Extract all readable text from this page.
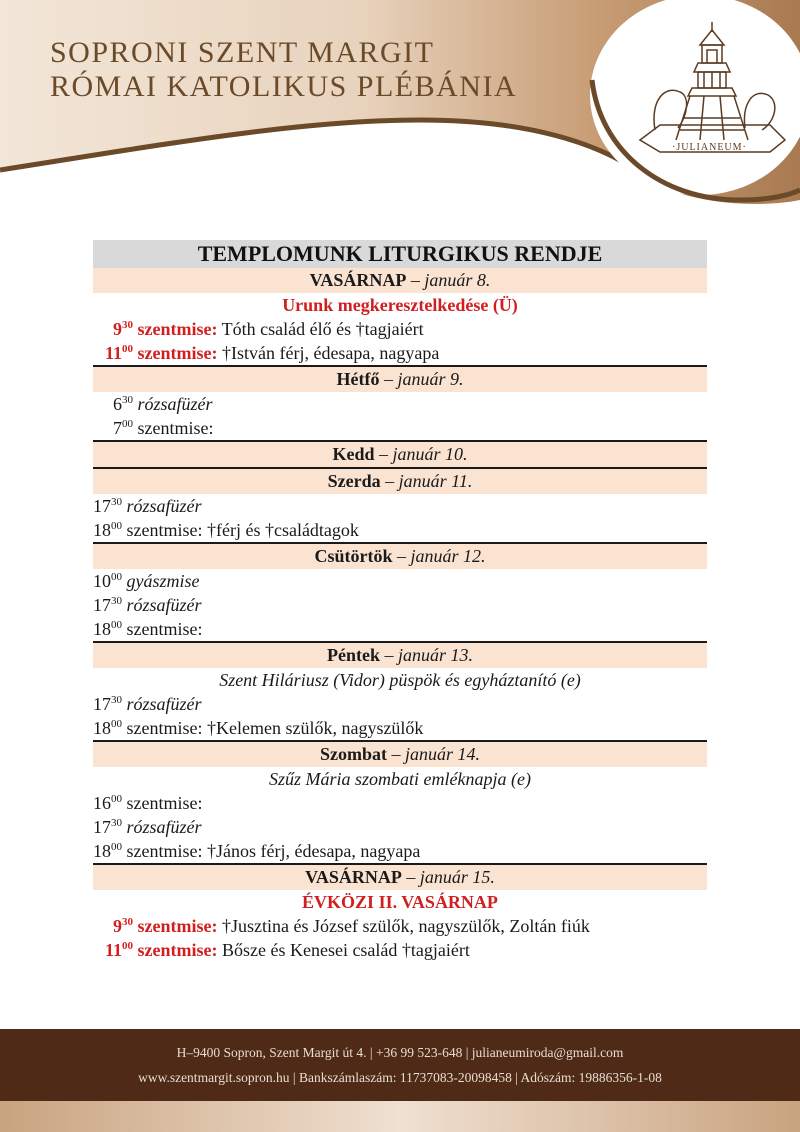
SOPRONI SZENT MARGIT
RÓMAI KATOLIKUS PLÉBÁNIA
·JULIANEUM·
TEMPLOMUNK LITURGIKUS RENDJE
VASÁRNAP – január 8.
Urunk megkeresztelkedése (Ü)
$9^{30}$ szentmise: Tóth család élő és †tagjaiért
$11^{00}$ szentmise: †István férj, édesapa, nagyapa
Hétfő – január 9.
$6^{30}$ rózsafüzér
$7^{00}$ szentmise:
Kedd – január 10.
Szerda – január 11.
$17^{30}$ rózsafüzér
$18^{00}$ szentmise: †férj és †családtagok
Csütörtök – január 12.
$10^{00}$ gyászmise
$17^{30}$ rózsafüzér
$18^{00}$ szentmise:
Péntek – január 13.
Szent Hiláriusz (Vidor) püspök és egyháztanító (e)
$17^{30}$ rózsafüzér
$18^{00}$ szentmise: †Kelemen szülők, nagyszülők
Szombat – január 14.
Szűz Mária szombati emléknapja (e)
$16^{00}$ szentmise:
$17^{30}$ rózsafüzér
$18^{00}$ szentmise: †János férj, édesapa, nagyapa
VASÁRNAP – január 15.
ÉVKÖZI II. VASÁRNAP
$9^{30}$ szentmise: †Jusztina és József szülők, nagyszülők, Zoltán fiúk
$11^{00}$ szentmise: Bősze és Kenesei család †tagjaiért
H–9400 Sopron, Szent Margit út 4. | +36 99 523-648 | julianeumiroda@gmail.com
www.szentmargit.sopron.hu | Bankszámlaszám: 11737083-20098458 | Adószám: 19886356-1-08
